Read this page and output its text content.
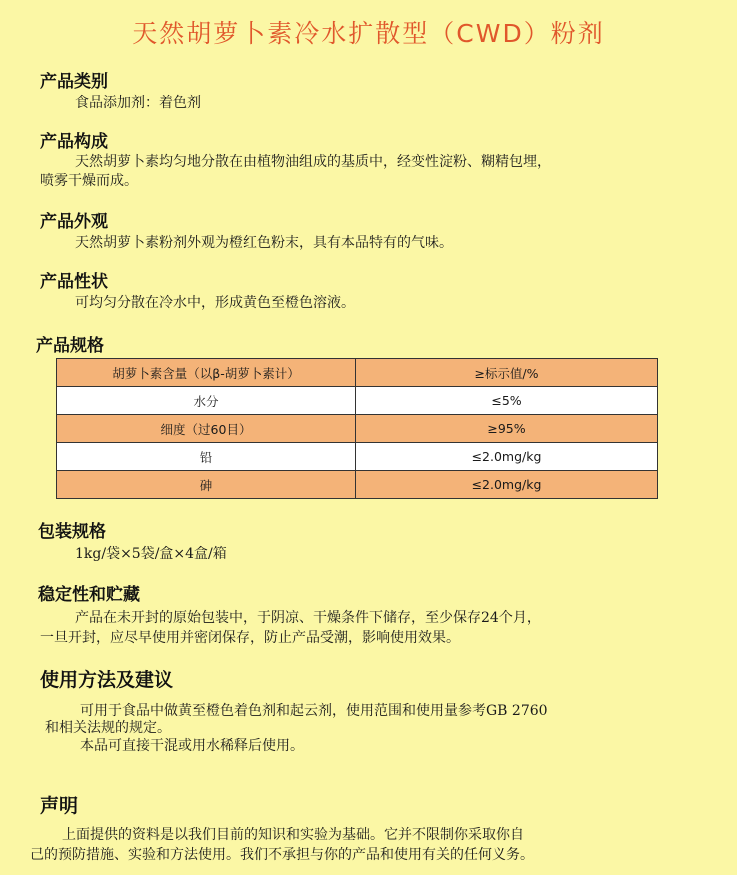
天然胡萝卜素冷水扩散型（CWD）粉剂
产品类别
食品添加剂：着色剂
产品构成
天然胡萝卜素均匀地分散在由植物油组成的基质中，经变性淀粉、糊精包埋，
喷雾干燥而成。
产品外观
天然胡萝卜素粉剂外观为橙红色粉末，具有本品特有的气味。
产品性状
可均匀分散在冷水中，形成黄色至橙色溶液。
产品规格
胡萝卜素含量（以β-胡萝卜素计）	≥标示值/%
水分	≤5%
细度（过60目）	≥95%
铅	≤2.0mg/kg
砷	≤2.0mg/kg
包装规格
1kg/袋×5袋/盒×4盒/箱
稳定性和贮藏
产品在未开封的原始包装中，于阴凉、干燥条件下储存，至少保存24个月，
一旦开封，应尽早使用并密闭保存，防止产品受潮，影响使用效果。
使用方法及建议
可用于食品中做黄至橙色着色剂和起云剂，使用范围和使用量参考GB 2760
和相关法规的规定。
本品可直接干混或用水稀释后使用。
声明
上面提供的资料是以我们目前的知识和实验为基础。它并不限制你采取你自
己的预防措施、实验和方法使用。我们不承担与你的产品和使用有关的任何义务。
